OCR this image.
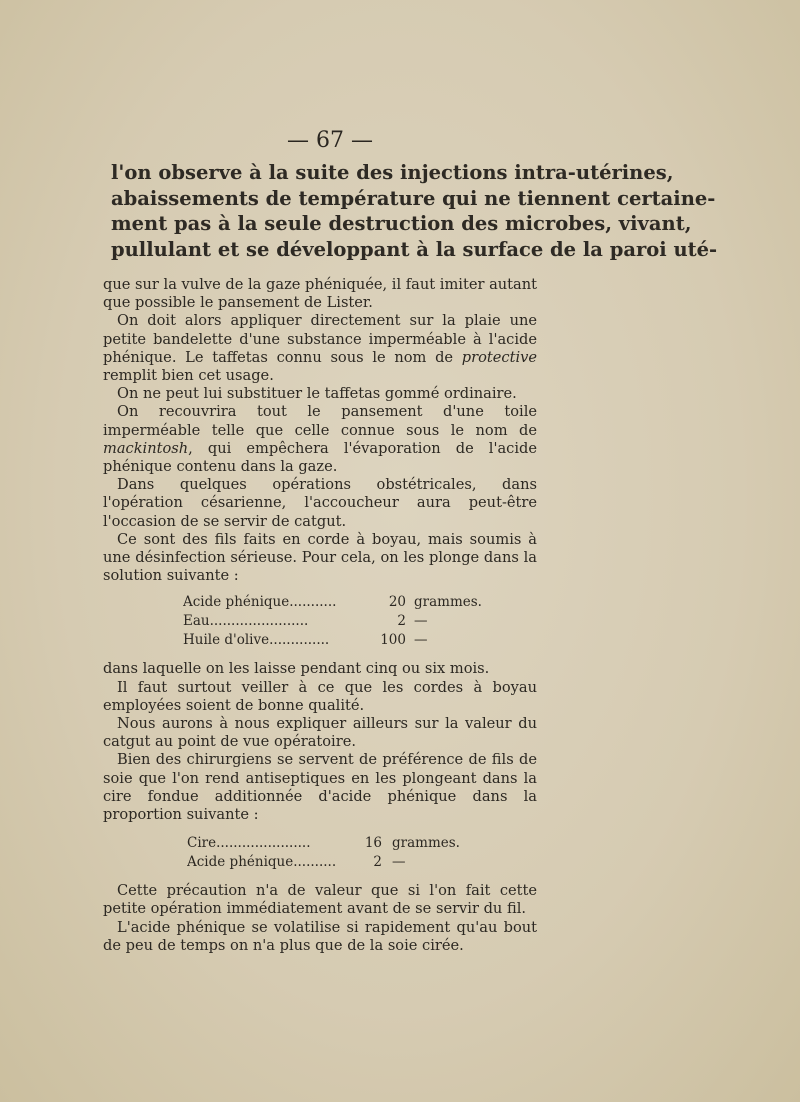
— 67 —
l'on observe à la suite des injections intra-utérines,
abaissements de température qui ne tiennent certaine-
ment pas à la seule destruction des microbes, vivant,
pullulant et se développant à la surface de la paroi uté-

que sur la vulve de la gaze phéniquée, il faut imiter autant que possible le pansement de Lister.

On doit alors appliquer directement sur la plaie une petite bandelette d'une substance imperméable à l'acide phénique. Le taffetas connu sous le nom de protective remplit bien cet usage.

On ne peut lui substituer le taffetas gommé ordinaire.

On recouvrira tout le pansement d'une toile imperméable telle que celle connue sous le nom de mackintosh, qui empêchera l'évaporation de l'acide phénique contenu dans la gaze.

Dans quelques opérations obstétricales, dans l'opération césarienne, l'accoucheur aura peut-être l'occasion de se servir de catgut.

Ce sont des fils faits en corde à boyau, mais soumis à une désinfection sérieuse. Pour cela, on les plonge dans la solution suivante :

Acide phénique...........	20 grammes.
Eau.......................	2 —
Huile d'olive..............	100 —

dans laquelle on les laisse pendant cinq ou six mois.

Il faut surtout veiller à ce que les cordes à boyau employées soient de bonne qualité.

Nous aurons à nous expliquer ailleurs sur la valeur du catgut au point de vue opératoire.

Bien des chirurgiens se servent de préférence de fils de soie que l'on rend antiseptiques en les plongeant dans la cire fondue additionnée d'acide phénique dans la proportion suivante :

Cire......................	16 grammes.
Acide phénique..........	2 —

Cette précaution n'a de valeur que si l'on fait cette petite opération immédiatement avant de se servir du fil.

L'acide phénique se volatilise si rapidement qu'au bout de peu de temps on n'a plus que de la soie cirée.
